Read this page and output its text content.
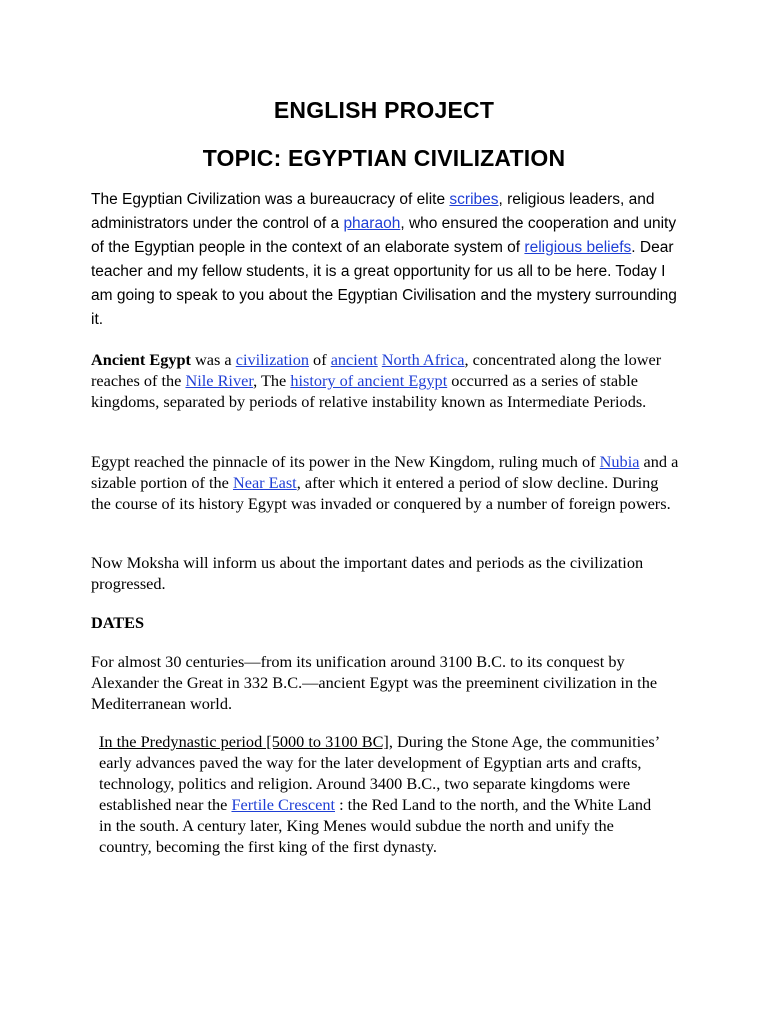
ENGLISH PROJECT
TOPIC: EGYPTIAN CIVILIZATION

The Egyptian Civilization was a bureaucracy of elite scribes, religious leaders, and administrators under the control of a pharaoh, who ensured the cooperation and unity of the Egyptian people in the context of an elaborate system of religious beliefs. Dear teacher and my fellow students, it is a great opportunity for us all to be here. Today I am going to speak to you about the Egyptian Civilisation and the mystery surrounding it.

Ancient Egypt was a civilization of ancient North Africa, concentrated along the lower reaches of the Nile River, The history of ancient Egypt occurred as a series of stable kingdoms, separated by periods of relative instability known as Intermediate Periods.

Egypt reached the pinnacle of its power in the New Kingdom, ruling much of Nubia and a sizable portion of the Near East, after which it entered a period of slow decline. During the course of its history Egypt was invaded or conquered by a number of foreign powers.

Now Moksha will inform us about the important dates and periods as the civilization progressed.

DATES

For almost 30 centuries—from its unification around 3100 B.C. to its conquest by Alexander the Great in 332 B.C.—ancient Egypt was the preeminent civilization in the Mediterranean world.

In the Predynastic period [5000 to 3100 BC], During the Stone Age, the communities’ early advances paved the way for the later development of Egyptian arts and crafts, technology, politics and religion. Around 3400 B.C., two separate kingdoms were established near the Fertile Crescent : the Red Land to the north, and the White Land in the south. A century later, King Menes would subdue the north and unify the country, becoming the first king of the first dynasty.
